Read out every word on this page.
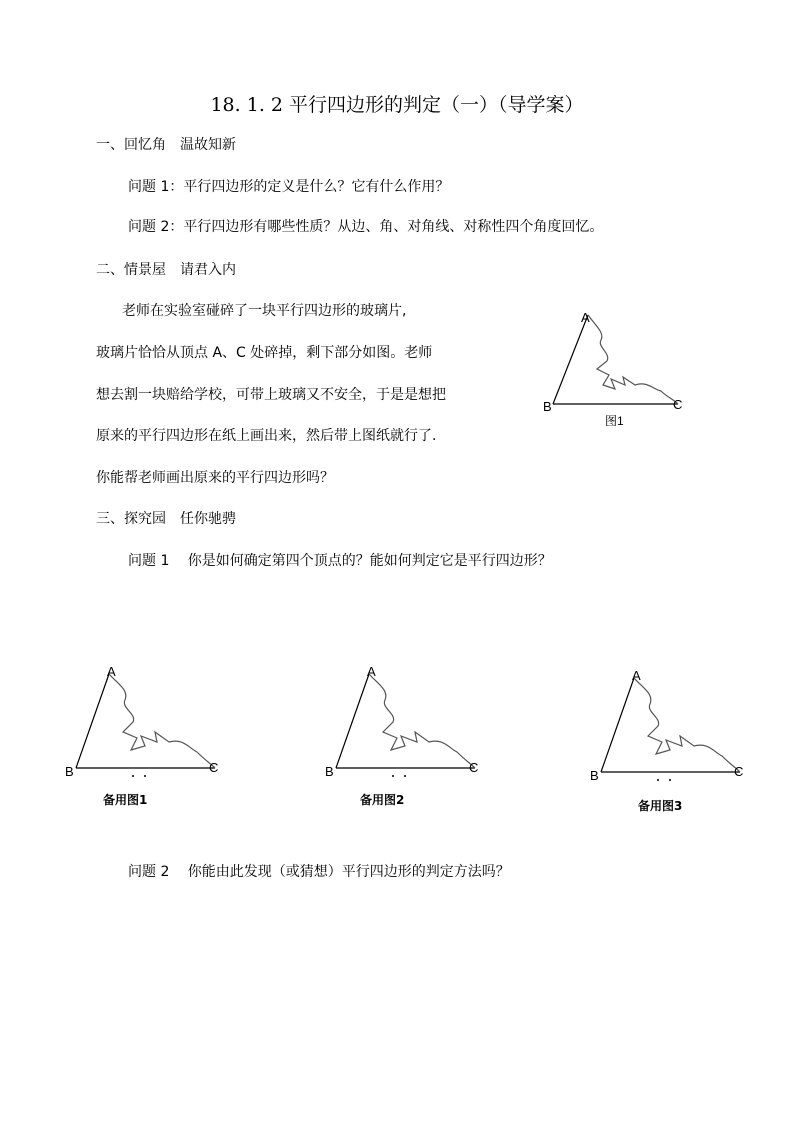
18. 1. 2 平行四边形的判定（一）（导学案）
一、回忆角　温故知新
问题 1：平行四边形的定义是什么？它有什么作用？
问题 2：平行四边形有哪些性质？从边、角、对角线、对称性四个角度回忆。
二、情景屋　请君入内
老师在实验室碰碎了一块平行四边形的玻璃片,
玻璃片恰恰从顶点 A、C 处碎掉，剩下部分如图。老师
想去割一块赔给学校，可带上玻璃又不安全，于是是想把
原来的平行四边形在纸上画出来，然后带上图纸就行了.
你能帮老师画出原来的平行四边形吗？
A
B	C
图1
三、探究园　任你驰骋
问题 1　 你是如何确定第四个顶点的？能如何判定它是平行四边形？
A
B	C
备用图1
A
B	C
备用图2
A
B	C
备用图3
问题 2　 你能由此发现（或猜想）平行四边形的判定方法吗？
